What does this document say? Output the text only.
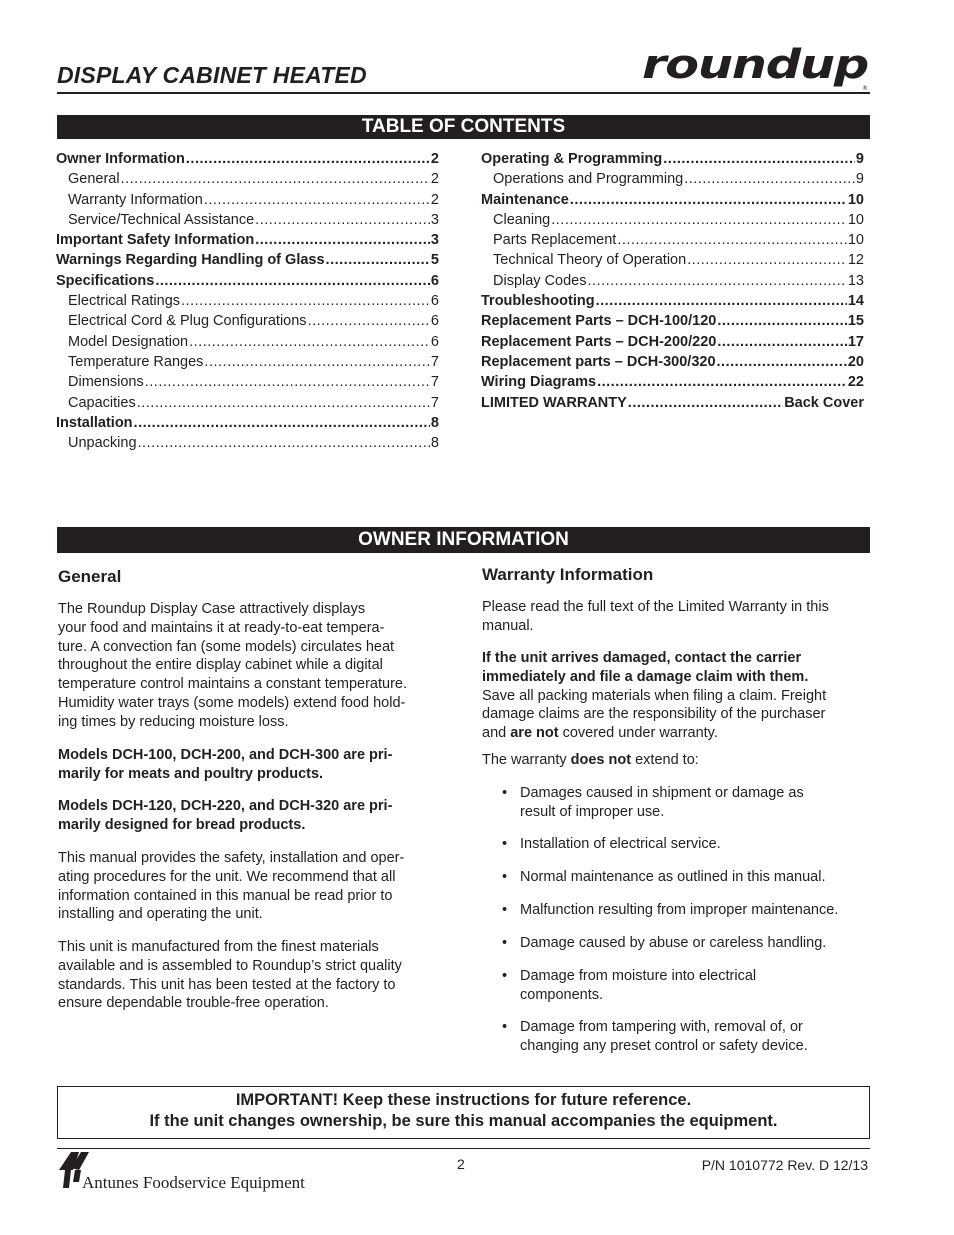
DISPLAY CABINET HEATED	roundup
®
TABLE OF CONTENTS
Owner Information .....	2
General .....	2
Warranty Information .....	2
Service/Technical Assistance .....	3
Important Safety Information .....	3
Warnings Regarding Handling of Glass .....	5
Specifications .....	6
Electrical Ratings .....	6
Electrical Cord & Plug Configurations .....	6
Model Designation .....	6
Temperature Ranges .....	7
Dimensions .....	7
Capacities .....	7
Installation .....	8
Unpacking .....	8
Operating & Programming .....	9
Operations and Programming .....	9
Maintenance .....	10
Cleaning .....	10
Parts Replacement .....	10
Technical Theory of Operation .....	12
Display Codes .....	13
Troubleshooting .....	14
Replacement Parts – DCH-100/120 .....	15
Replacement Parts – DCH-200/220 .....	17
Replacement parts – DCH-300/320 .....	20
Wiring Diagrams .....	22
LIMITED WARRANTY .....	Back Cover
OWNER INFORMATION
General

The Roundup Display Case attractively displays

your food and maintains it at ready-to-eat tempera-

ture. A convection fan (some models) circulates heat

throughout the entire display cabinet while a digital

temperature control maintains a constant temperature.

Humidity water trays (some models) extend food hold-

ing times by reducing moisture loss.

Models DCH-100, DCH-200, and DCH-300 are pri-

marily for meats and poultry products.

Models DCH-120, DCH-220, and DCH-320 are pri-

marily designed for bread products.

This manual provides the safety, installation and oper-

ating procedures for the unit. We recommend that all

information contained in this manual be read prior to

installing and operating the unit.

This unit is manufactured from the finest materials

available and is assembled to Roundup’s strict quality

standards. This unit has been tested at the factory to

ensure dependable trouble-free operation.

Warranty Information

Please read the full text of the Limited Warranty in this

manual.

If the unit arrives damaged, contact the carrier

immediately and file a damage claim with them.

Save all packing materials when filing a claim. Freight

damage claims are the responsibility of the purchaser

and are not covered under warranty.

The warranty does not extend to:

• Damages caused in shipment or damage as
result of improper use.
• Installation of electrical service.
• Normal maintenance as outlined in this manual.
• Malfunction resulting from improper maintenance.
• Damage caused by abuse or careless handling.
• Damage from moisture into electrical
components.
• Damage from tampering with, removal of, or
changing any preset control or safety device.
IMPORTANT! Keep these instructions for future reference.
If the unit changes ownership, be sure this manual accompanies the equipment.
Antunes Foodservice Equipment
2	P/N 1010772 Rev. D 12/13
